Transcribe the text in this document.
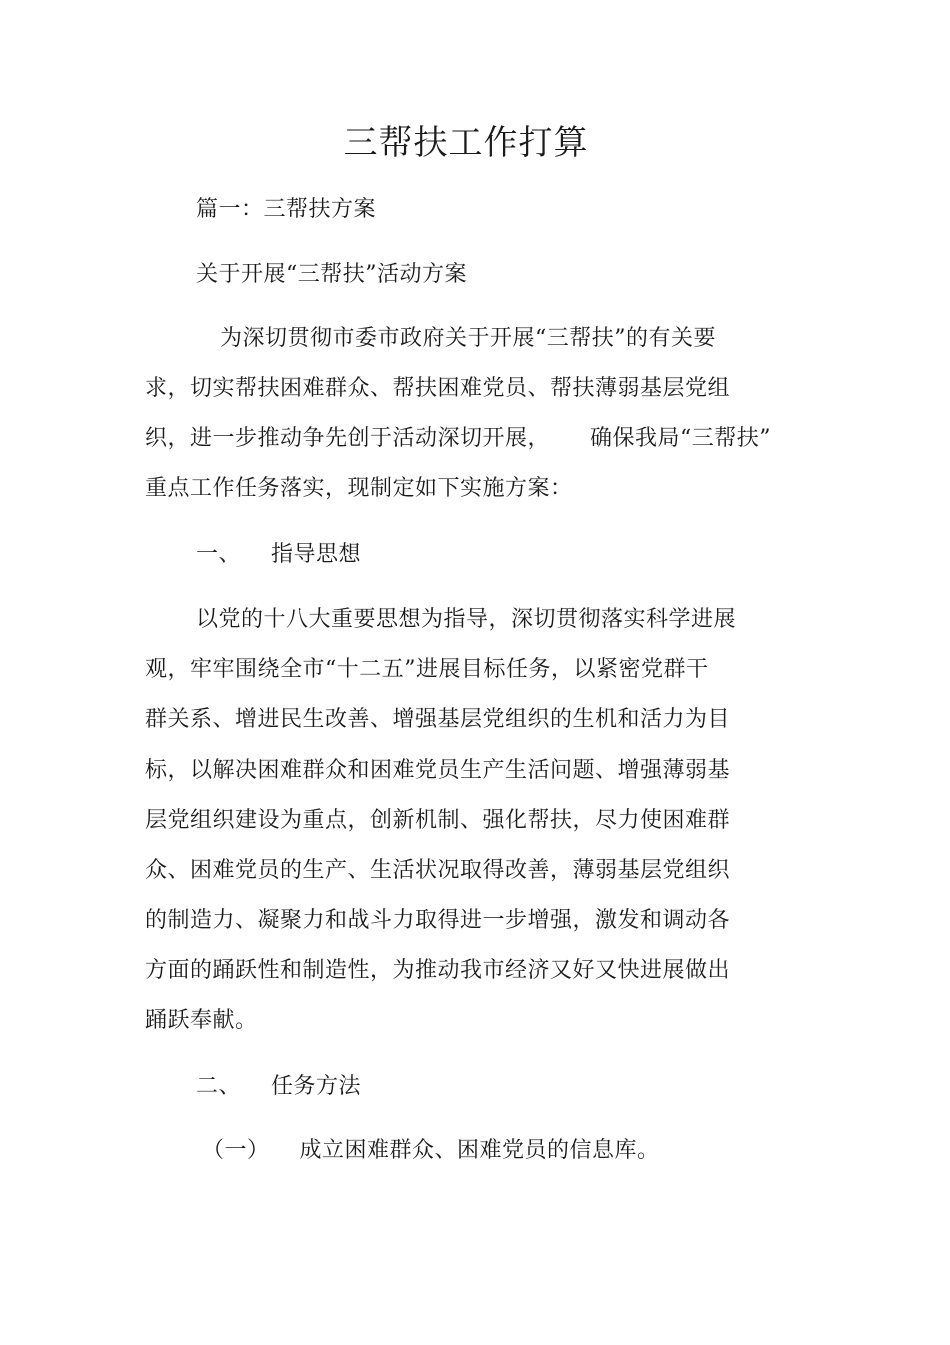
三帮扶工作打算
篇一：三帮扶方案
关于开展“三帮扶”活动方案
为深切贯彻市委市政府关于开展“三帮扶”的有关要
求，切实帮扶困难群众、帮扶困难党员、帮扶薄弱基层党组
织，进一步推动争先创于活动深切开展， 确保我局“三帮扶”
重点工作任务落实，现制定如下实施方案：
一、 指导思想
以党的十八大重要思想为指导，深切贯彻落实科学进展
观，牢牢围绕全市“十二五”进展目标任务，以紧密党群干
群关系、增进民生改善、增强基层党组织的生机和活力为目
标，以解决困难群众和困难党员生产生活问题、增强薄弱基
层党组织建设为重点，创新机制、强化帮扶，尽力使困难群
众、困难党员的生产、生活状况取得改善，薄弱基层党组织
的制造力、凝聚力和战斗力取得进一步增强，激发和调动各
方面的踊跃性和制造性，为推动我市经济又好又快进展做出
踊跃奉献。
二、 任务方法
（一） 成立困难群众、困难党员的信息库。
